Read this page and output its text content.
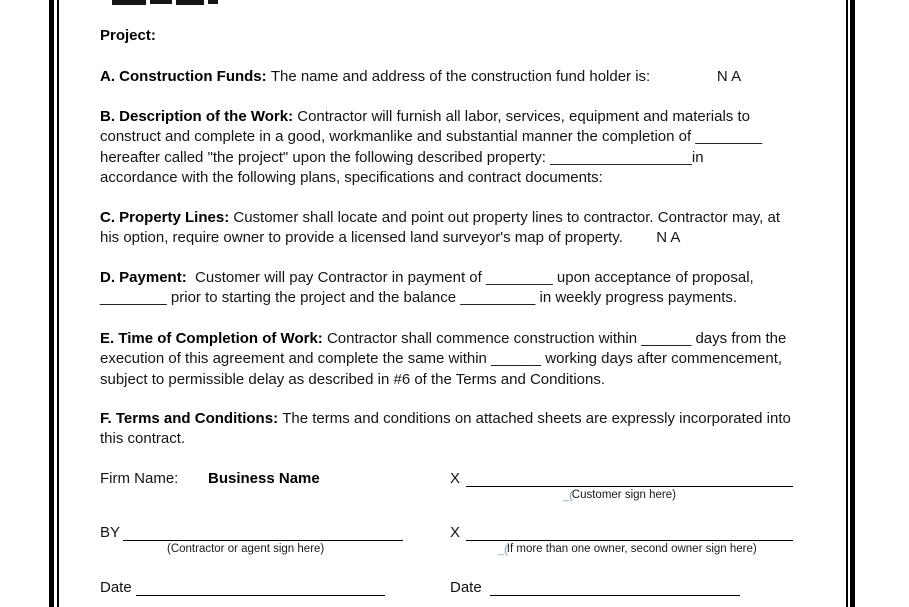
Project:
A. Construction Funds: The name and address of the construction fund holder is:                N A
B. Description of the Work: Contractor will furnish all labor, services, equipment and materials to
construct and complete in a good, workmanlike and substantial manner the completion of ________
hereafter called "the project" upon the following described property: _________________in
accordance with the following plans, specifications and contract documents:
C. Property Lines: Customer shall locate and point out property lines to contractor. Contractor may, at
his option, require owner to provide a licensed land surveyor's map of property.        N A
D. Payment:  Customer will pay Contractor in payment of ________ upon acceptance of proposal,
________ prior to starting the project and the balance _________ in weekly progress payments.
E. Time of Completion of Work: Contractor shall commence construction within ______ days from the
execution of this agreement and complete the same within ______ working days after commencement,
subject to permissible delay as described in #6 of the Terms and Conditions.
F. Terms and Conditions: The terms and conditions on attached sheets are expressly incorporated into
this contract.
Firm Name: Business Name	X
_(Customer sign here)
BY	X
(Contractor or agent sign here)	_(If more than one owner, second owner sign here)
Date	Date
